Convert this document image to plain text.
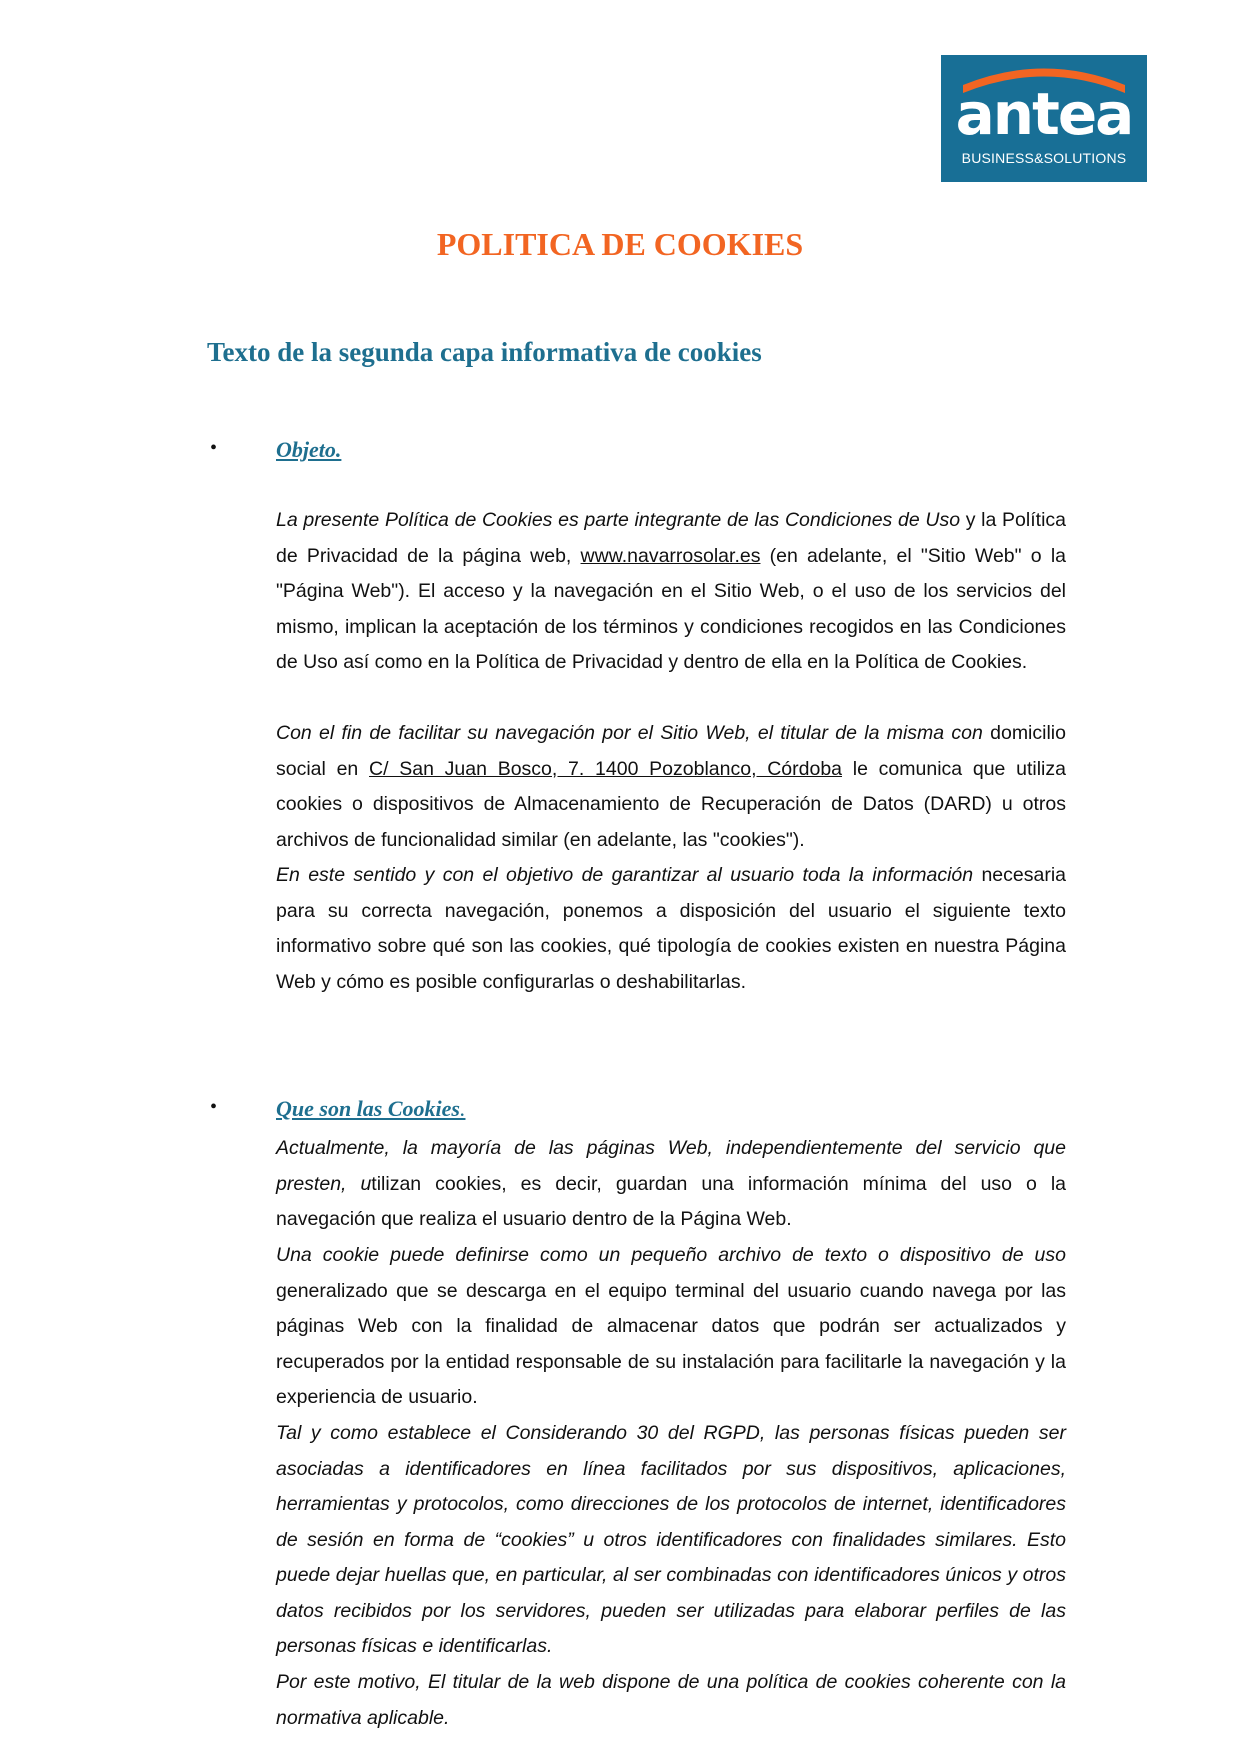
antea
BUSINESS&SOLUTIONS
POLITICA DE COOKIES
Texto de la segunda capa informativa de cookies
•	Objeto.

La presente Política de Cookies es parte integrante de las Condiciones de Uso y la Política de Privacidad de la página web, www.navarrosolar.es (en adelante, el "Sitio Web" o la "Página Web"). El acceso y la navegación en el Sitio Web, o el uso de los servicios del mismo, implican la aceptación de los términos y condiciones recogidos en las Condiciones de Uso así como en la Política de Privacidad y dentro de ella en la Política de Cookies.

Con el fin de facilitar su navegación por el Sitio Web, el titular de la misma con domicilio social en C/ San Juan Bosco, 7. 1400 Pozoblanco, Córdoba le comunica que utiliza cookies o dispositivos de Almacenamiento de Recuperación de Datos (DARD) u otros archivos de funcionalidad similar (en adelante, las "cookies").

En este sentido y con el objetivo de garantizar al usuario toda la información necesaria para su correcta navegación, ponemos a disposición del usuario el siguiente texto informativo sobre qué son las cookies, qué tipología de cookies existen en nuestra Página Web y cómo es posible configurarlas o deshabilitarlas.

•	Que son las Cookies.

Actualmente, la mayoría de las páginas Web, independientemente del servicio que presten, utilizan cookies, es decir, guardan una información mínima del uso o la navegación que realiza el usuario dentro de la Página Web.

Una cookie puede definirse como un pequeño archivo de texto o dispositivo de uso generalizado que se descarga en el equipo terminal del usuario cuando navega por las páginas Web con la finalidad de almacenar datos que podrán ser actualizados y recuperados por la entidad responsable de su instalación para facilitarle la navegación y la experiencia de usuario.

Tal y como establece el Considerando 30 del RGPD, las personas físicas pueden ser asociadas a identificadores en línea facilitados por sus dispositivos, aplicaciones, herramientas y protocolos, como direcciones de los protocolos de internet, identificadores de sesión en forma de “cookies” u otros identificadores con finalidades similares. Esto puede dejar huellas que, en particular, al ser combinadas con identificadores únicos y otros datos recibidos por los servidores, pueden ser utilizadas para elaborar perfiles de las personas físicas e identificarlas.

Por este motivo, El titular de la web dispone de una política de cookies coherente con la normativa aplicable.
